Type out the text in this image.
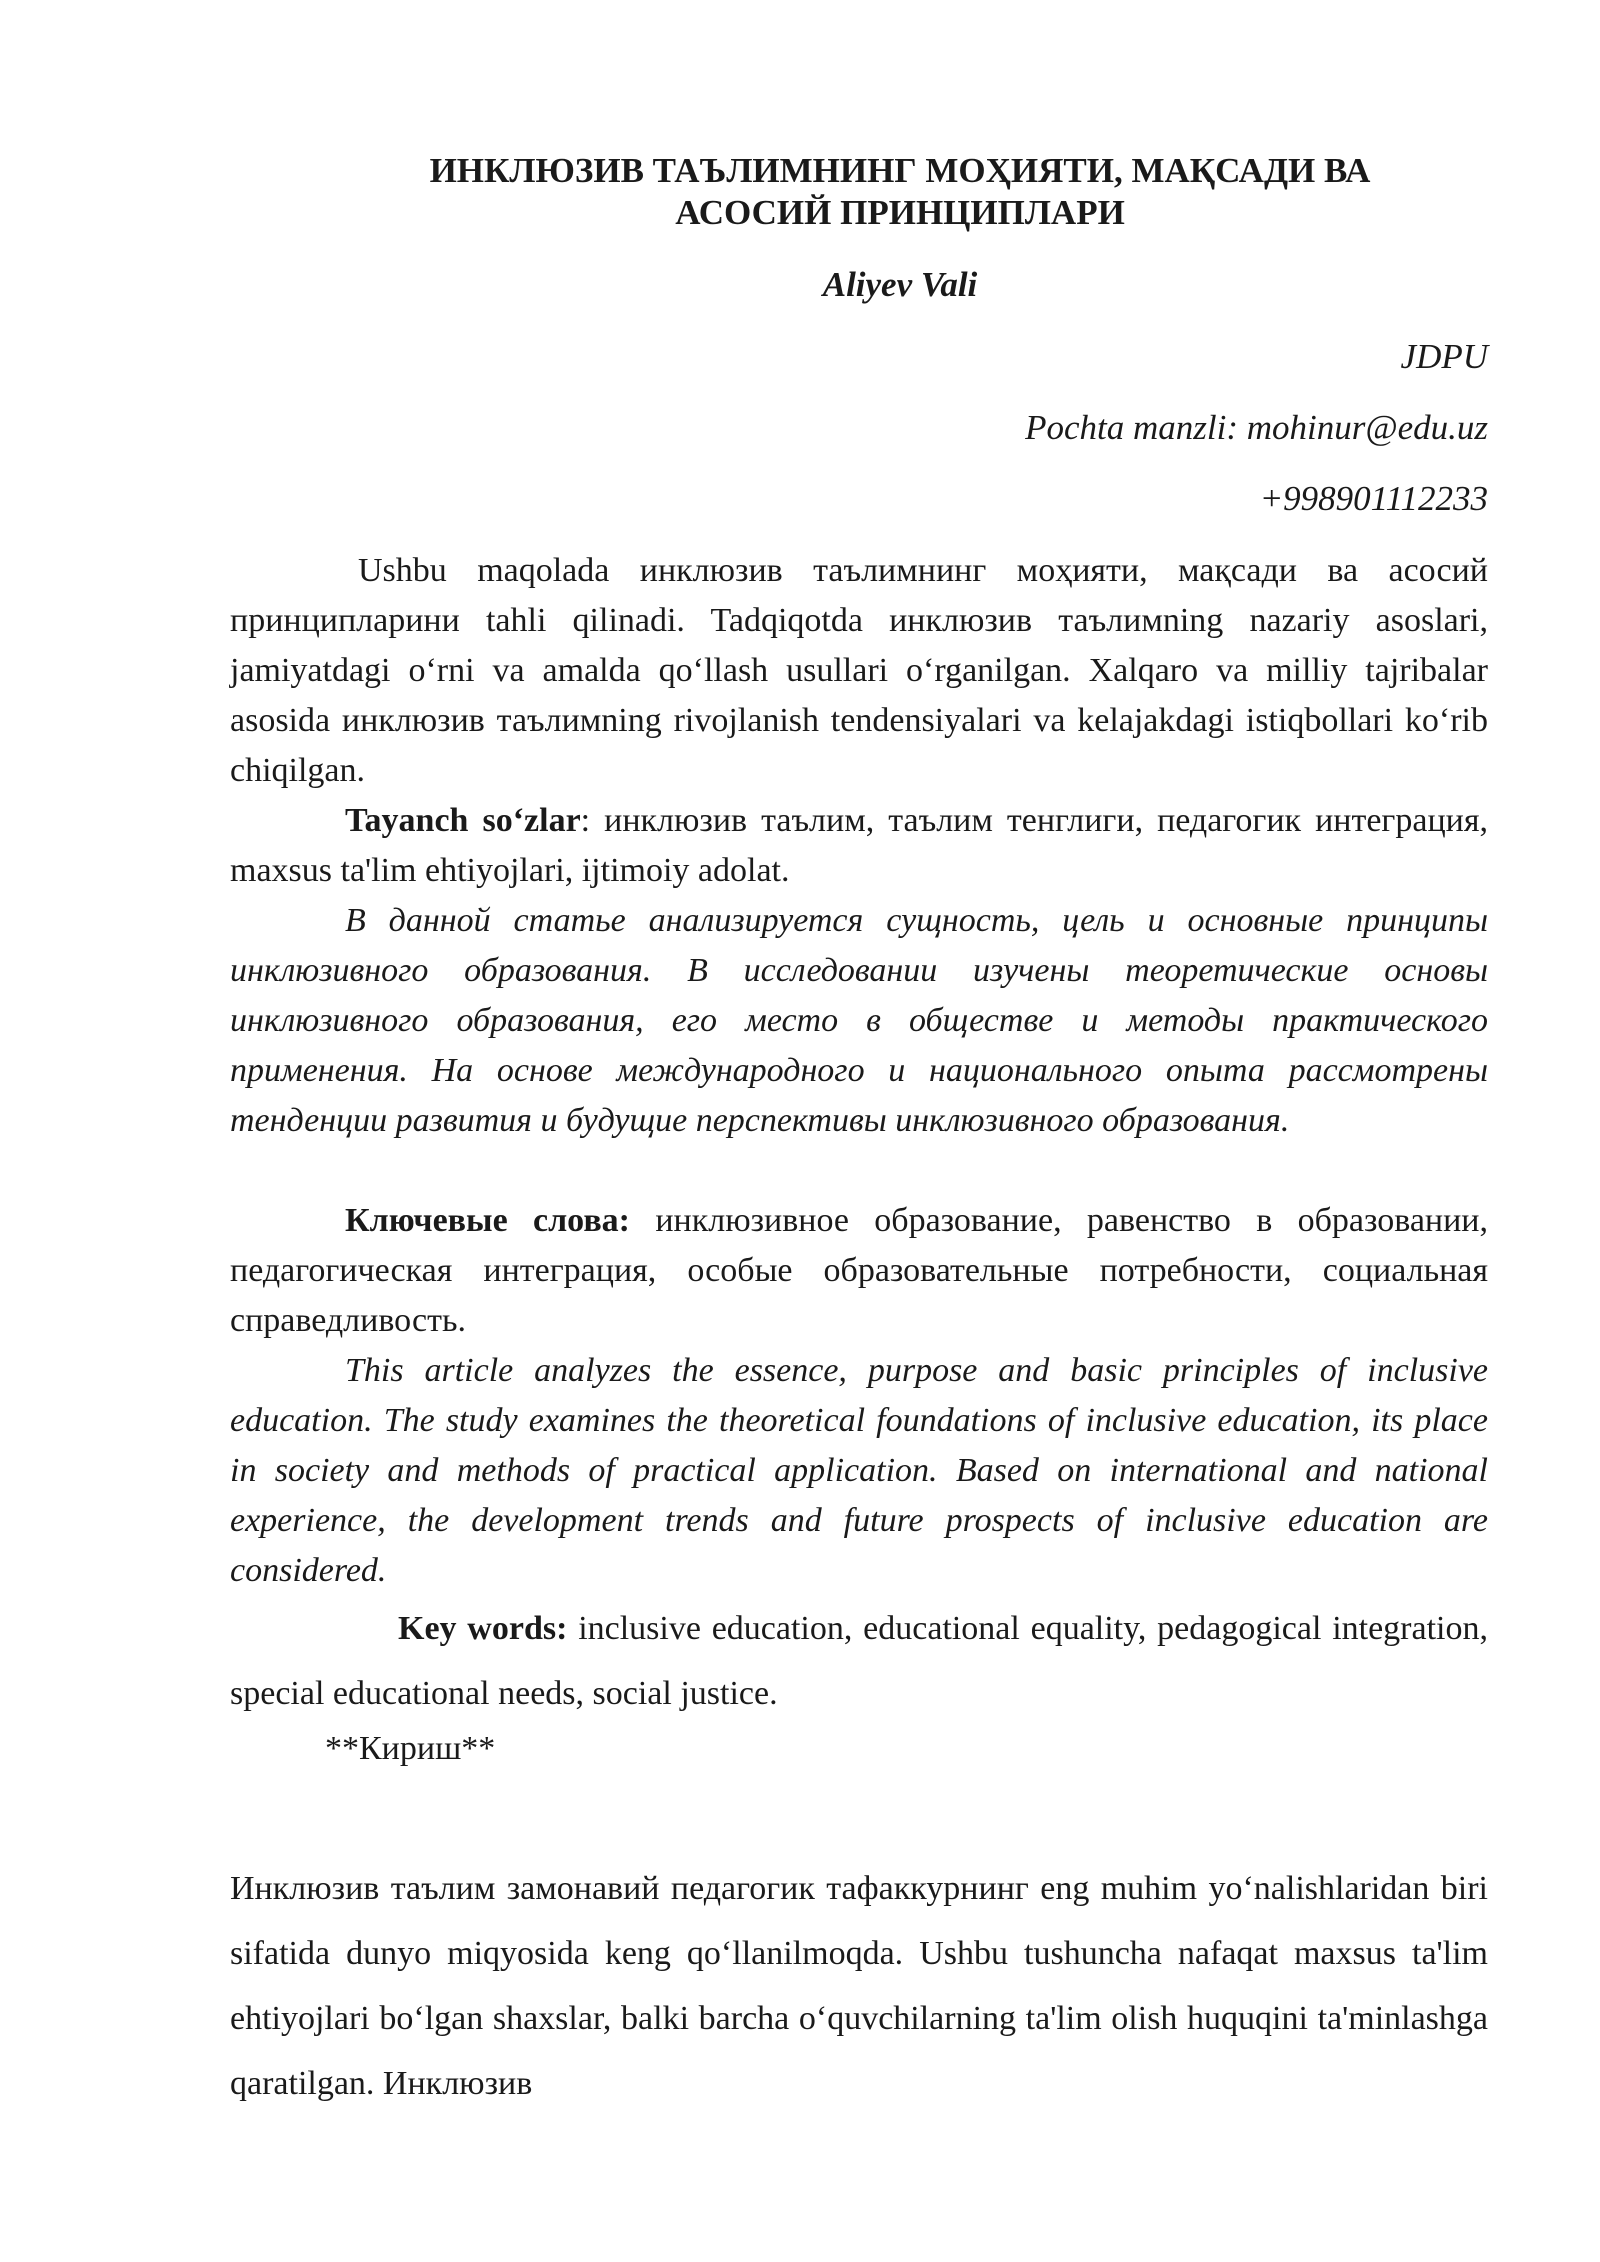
ИНКЛЮЗИВ ТАЪЛИМНИНГ МОҲИЯТИ, МАҚСАДИ ВА
АСОСИЙ ПРИНЦИПЛАРИ
Aliyev Vali
JDPU
Pochta manzli: mohinur@edu.uz
+998901112233

Ushbu maqolada инклюзив таълимнинг моҳияти, мақсади ва асосий принципларини tahli qilinadi. Tadqiqotda инклюзив таълимning nazariy asoslari, jamiyatdagi oʻrni va amalda qoʻllash usullari oʻrganilgan. Xalqaro va milliy tajribalar asosida инклюзив таълимning rivojlanish tendensiyalari va kelajakdagi istiqbollari koʻrib chiqilgan.

Tayanch soʻzlar: инклюзив таълим, таълим тенглиги, педагогик интеграция, maxsus ta'lim ehtiyojlari, ijtimoiy adolat.

В данной статье анализируется сущность, цель и основные принципы инклюзивного образования. В исследовании изучены теоретические основы инклюзивного образования, его место в обществе и методы практического применения. На основе международного и национального опыта рассмотрены тенденции развития и будущие перспективы инклюзивного образования.

Ключевые слова: инклюзивное образование, равенство в образовании, педагогическая интеграция, особые образовательные потребности, социальная справедливость.

This article analyzes the essence, purpose and basic principles of inclusive education. The study examines the theoretical foundations of inclusive education, its place in society and methods of practical application. Based on international and national experience, the development trends and future prospects of inclusive education are considered.

Key words: inclusive education, educational equality, pedagogical integration, special educational needs, social justice.

**Кириш**

Инклюзив таълим замонавий педагогик тафаккурнинг eng muhim yoʻnalishlaridan biri sifatida dunyo miqyosida keng qoʻllanilmoqda. Ushbu tushuncha nafaqat maxsus ta'lim ehtiyojlari boʻlgan shaxslar, balki barcha oʻquvchilarning ta'lim olish huquqini ta'minlashga qaratilgan. Инклюзив
